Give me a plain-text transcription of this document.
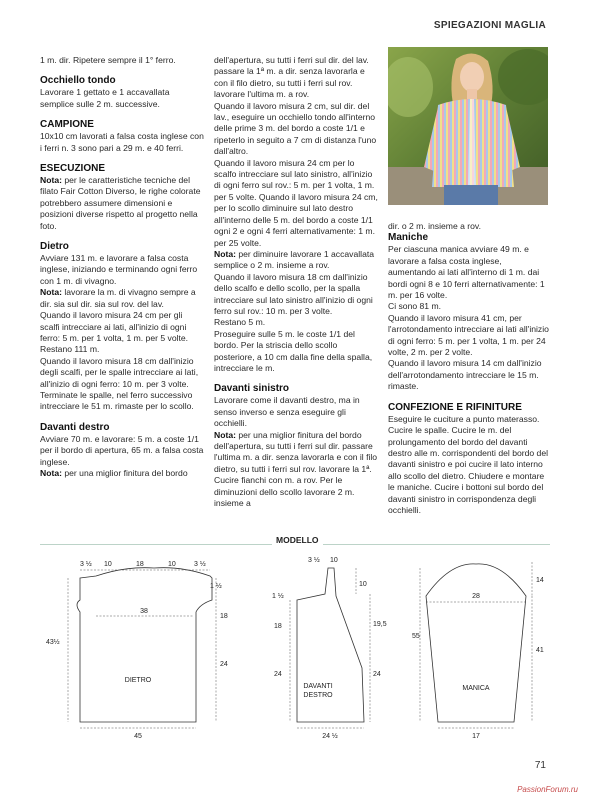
SPIEGAZIONI MAGLIA

1 m. dir. Ripetere sempre il 1° ferro.

Occhiello tondo

Lavorare 1 gettato e 1 accavallata semplice sulle 2 m. successive.

CAMPIONE

10x10 cm lavorati a falsa costa inglese con i ferri n. 3 sono pari a 29 m. e 40 ferri.

ESECUZIONE

Nota: per le caratteristiche tecniche del filato Fair Cotton Diverso, le righe colorate potrebbero assumere dimensioni e posizioni diverse rispetto al progetto nella foto.

Dietro

Avviare 131 m. e lavorare a falsa costa inglese, iniziando e terminando ogni ferro con 1 m. di vivagno.

Nota: lavorare la m. di vivagno sempre a dir. sia sul dir. sia sul rov. del lav.

Quando il lavoro misura 24 cm per gli scalfi intrecciare ai lati, all'inizio di ogni ferro: 5 m. per 1 volta, 1 m. per 5 volte.

Restano 111 m.

Quando il lavoro misura 18 cm dall'inizio degli scalfi, per le spalle intrecciare ai lati, all'inizio di ogni ferro: 10 m. per 3 volte.

Terminate le spalle, nel ferro successivo intrecciare le 51 m. rimaste per lo scollo.

Davanti destro

Avviare 70 m. e lavorare: 5 m. a coste 1/1 per il bordo di apertura, 65 m. a falsa costa inglese.

Nota: per una miglior finitura del bordo

dell'apertura, su tutti i ferri sul dir. del lav. passare la 1ª m. a dir. senza lavorarla e con il filo dietro, su tutti i ferri sul rov. lavorare l'ultima m. a rov.

Quando il lavoro misura 2 cm, sul dir. del lav., eseguire un occhiello tondo all'interno delle prime 3 m. del bordo a coste 1/1 e ripeterlo in seguito a 7 cm di distanza l'uno dall'altro.

Quando il lavoro misura 24 cm per lo scalfo intrecciare sul lato sinistro, all'inizio di ogni ferro sul rov.: 5 m. per 1 volta, 1 m. per 5 volte. Quando il lavoro misura 24 cm, per lo scollo diminuire sul lato destro all'interno delle 5 m. del bordo a coste 1/1 ogni 2 e ogni 4 ferri alternativamente: 1 m. per 25 volte.

Nota: per diminuire lavorare 1 accavallata semplice o 2 m. insieme a rov.

Quando il lavoro misura 18 cm dall'inizio dello scalfo e dello scollo, per la spalla intrecciare sul lato sinistro all'inizio di ogni ferro sul rov.: 10 m. per 3 volte.

Restano 5 m.

Proseguire sulle 5 m. le coste 1/1 del bordo. Per la striscia dello scollo posteriore, a 10 cm dalla fine della spalla, intrecciare le m.

Davanti sinistro

Lavorare come il davanti destro, ma in senso inverso e senza eseguire gli occhielli.

Nota: per una miglior finitura del bordo dell'apertura, su tutti i ferri sul dir. passare l'ultima m. a dir. senza lavorarla e con il filo dietro, su tutti i ferri sul rov. lavorare la 1ª. Cucire fianchi con m. a rov. Per le diminuzioni dello scollo lavorare 2 m. insieme a

dir. o 2 m. insieme a rov.

Maniche

Per ciascuna manica avviare 49 m. e lavorare a falsa costa inglese, aumentando ai lati all'interno di 1 m. dai bordi ogni 8 e 10 ferri alternativamente: 1 m. per 16 volte.

Ci sono 81 m.

Quando il lavoro misura 41 cm, per l'arrotondamento intrecciare ai lati all'inizio di ogni ferro: 5 m. per 1 volta, 1 m. per 24 volte, 2 m. per 2 volte.

Quando il lavoro misura 14 cm dall'inizio dell'arrotondamento intrecciare le 15 m. rimaste.

CONFEZIONE E RIFINITURE

Eseguire le cuciture a punto materasso. Cucire le spalle. Cucire le m. del prolungamento del bordo del davanti destro alle m. corrispondenti del bordo del davanti sinistro e poi cucire il lato interno allo scollo del dietro. Chiudere e montare le maniche. Cucire i bottoni sul bordo del davanti sinistro in corrispondenza degli occhielli.

MODELLO
3 ½ 10	18	10	3 ½
1 ½
38
18
24
43½
DIETRO
45
3 ½ 10
10
1 ½
18
24
19,5
24
DAVANTI
DESTRO
24 ½
14
28
41
55
MANICA
17
71
PassionForum.ru
